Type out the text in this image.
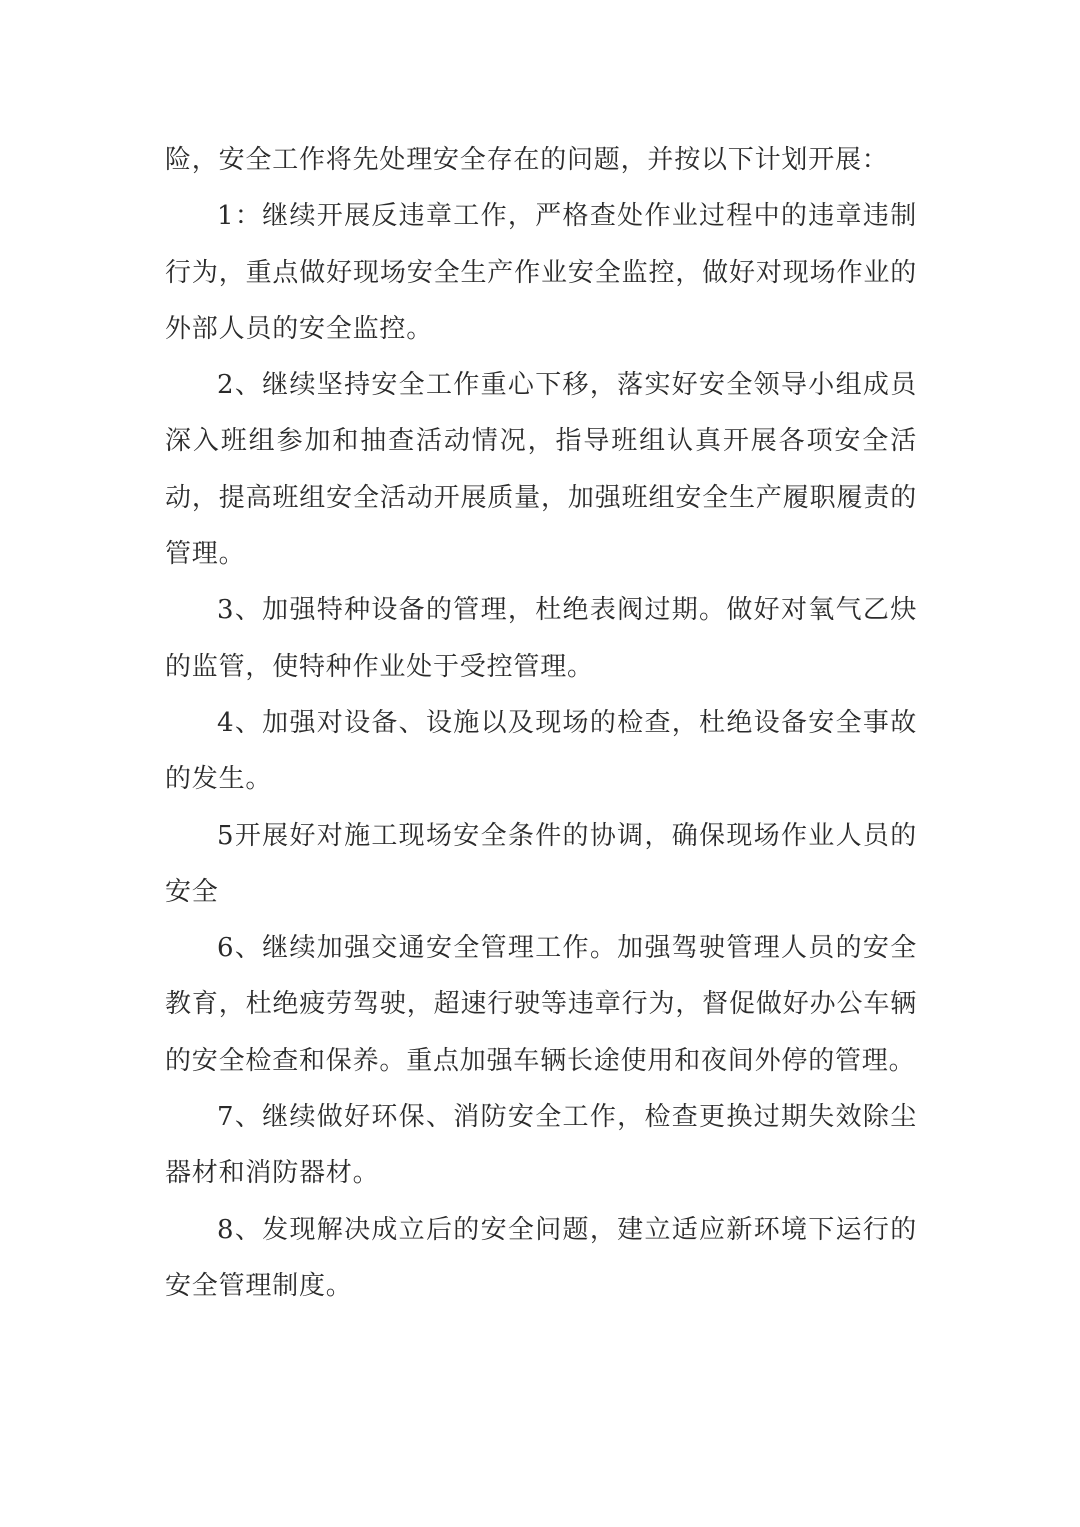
险，安全工作将先处理安全存在的问题，并按以下计划开展：

1：继续开展反违章工作，严格查处作业过程中的违章违制行为，重点做好现场安全生产作业安全监控，做好对现场作业的外部人员的安全监控。

2、继续坚持安全工作重心下移，落实好安全领导小组成员深入班组参加和抽查活动情况，指导班组认真开展各项安全活动，提高班组安全活动开展质量，加强班组安全生产履职履责的管理。

3、加强特种设备的管理，杜绝表阀过期。做好对氧气乙炔的监管，使特种作业处于受控管理。

4、加强对设备、设施以及现场的检查，杜绝设备安全事故的发生。

5开展好对施工现场安全条件的协调，确保现场作业人员的安全

6、继续加强交通安全管理工作。加强驾驶管理人员的安全教育，杜绝疲劳驾驶，超速行驶等违章行为，督促做好办公车辆的安全检查和保养。重点加强车辆长途使用和夜间外停的管理。

7、继续做好环保、消防安全工作，检查更换过期失效除尘器材和消防器材。

8、发现解决成立后的安全问题，建立适应新环境下运行的安全管理制度。
